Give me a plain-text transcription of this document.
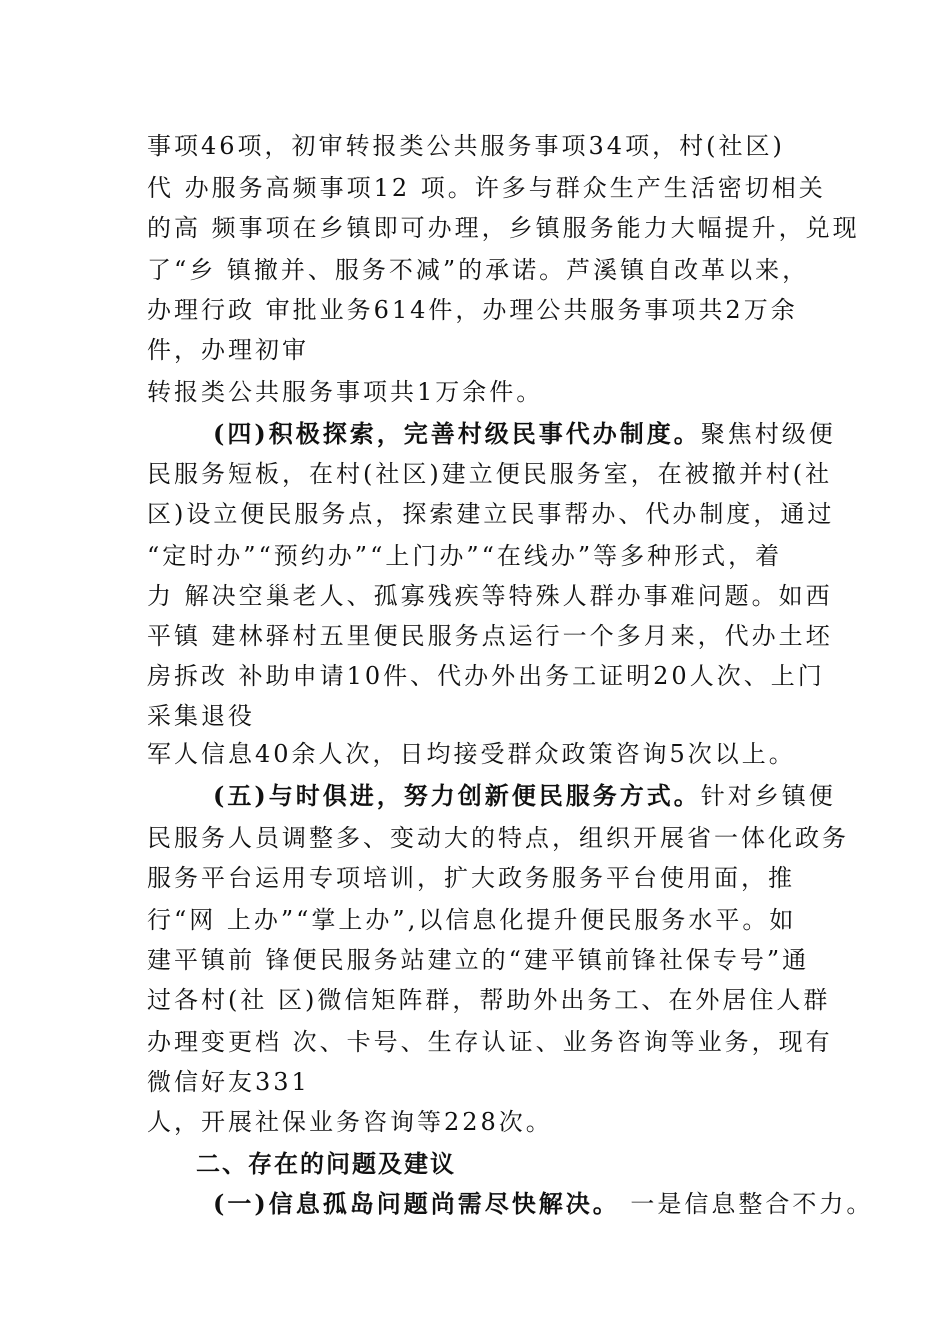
事项46项，初审转报类公共服务事项34项，村(社区)
代 办服务高频事项12 项。许多与群众生产生活密切相关
的高 频事项在乡镇即可办理，乡镇服务能力大幅提升，兑现
了“乡 镇撤并、服务不减”的承诺。芦溪镇自改革以来，
办理行政 审批业务614件，办理公共服务事项共2万余
件，办理初审
转报类公共服务事项共1万余件。
(四)积极探索，完善村级民事代办制度。聚焦村级便
民服务短板，在村(社区)建立便民服务室，在被撤并村(社
区)设立便民服务点，探索建立民事帮办、代办制度，通过
“定时办”“预约办”“上门办”“在线办”等多种形式，着
力 解决空巢老人、孤寡残疾等特殊人群办事难问题。如西
平镇 建林驿村五里便民服务点运行一个多月来，代办土坯
房拆改 补助申请10件、代办外出务工证明20人次、上门
采集退役
军人信息40余人次，日均接受群众政策咨询5次以上。
(五)与时俱进，努力创新便民服务方式。针对乡镇便
民服务人员调整多、变动大的特点，组织开展省一体化政务
服务平台运用专项培训，扩大政务服务平台使用面，推
行“网 上办”“掌上办”,以信息化提升便民服务水平。如
建平镇前 锋便民服务站建立的“建平镇前锋社保专号”通
过各村(社 区)微信矩阵群，帮助外出务工、在外居住人群
办理变更档 次、卡号、生存认证、业务咨询等业务，现有
微信好友331
人，开展社保业务咨询等228次。
二、存在的问题及建议
(一)信息孤岛问题尚需尽快解决。 一是信息整合不力。
